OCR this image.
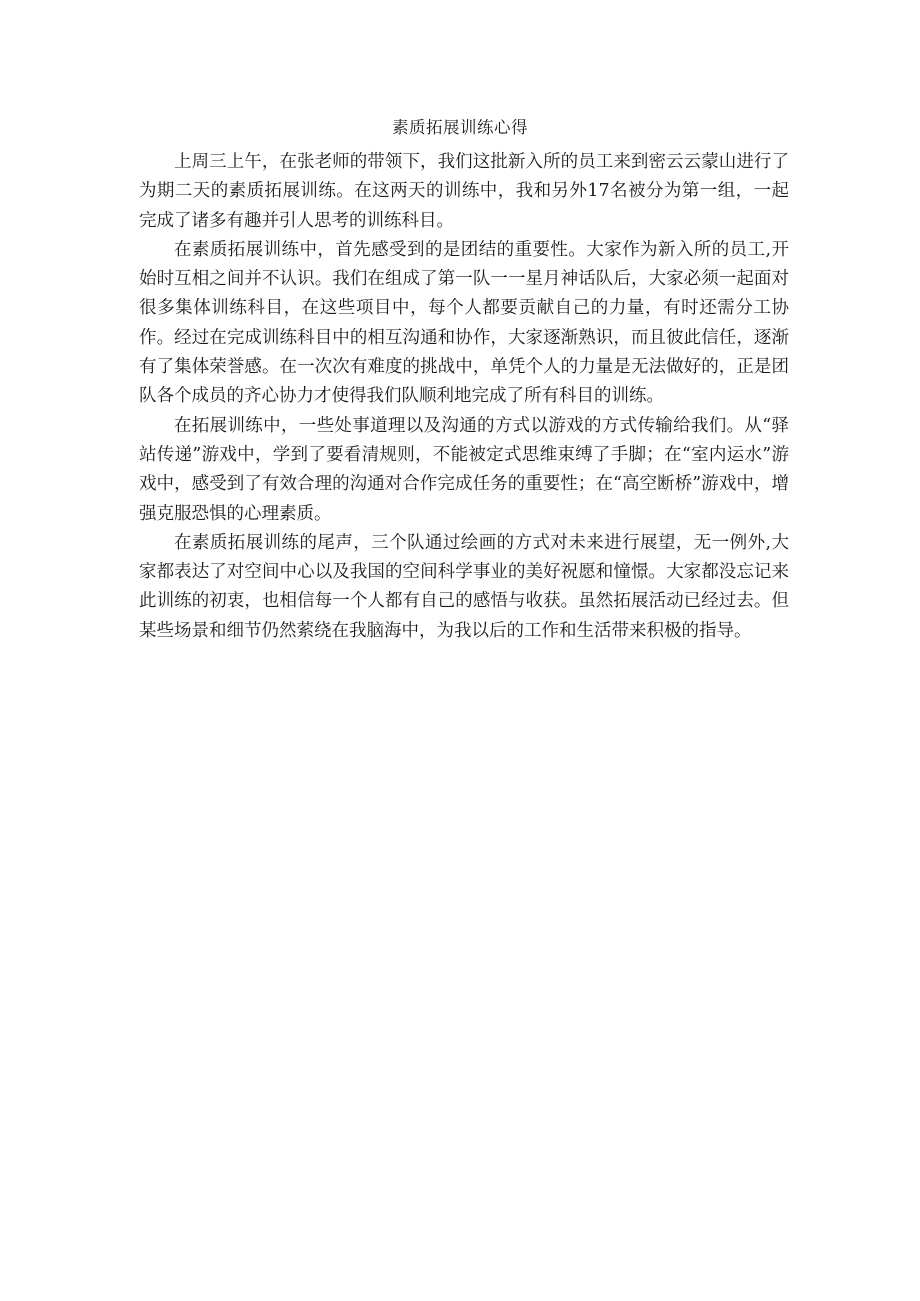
素质拓展训练心得

上周三上午，在张老师的带领下，我们这批新入所的员工来到密云云蒙山进行了为期二天的素质拓展训练。在这两天的训练中，我和另外17名被分为第一组，一起完成了诸多有趣并引人思考的训练科目。

在素质拓展训练中，首先感受到的是团结的重要性。大家作为新入所的员工,开始时互相之间并不认识。我们在组成了第一队一一星月神话队后，大家必须一起面对很多集体训练科目，在这些项目中，每个人都要贡献自己的力量，有时还需分工协作。经过在完成训练科目中的相互沟通和协作，大家逐渐熟识，而且彼此信任，逐渐有了集体荣誉感。在一次次有难度的挑战中，单凭个人的力量是无法做好的，正是团队各个成员的齐心协力才使得我们队顺利地完成了所有科目的训练。

在拓展训练中，一些处事道理以及沟通的方式以游戏的方式传输给我们。从“驿站传递”游戏中，学到了要看清规则，不能被定式思维束缚了手脚；在“室内运水”游戏中，感受到了有效合理的沟通对合作完成任务的重要性；在“高空断桥”游戏中，增强克服恐惧的心理素质。

在素质拓展训练的尾声，三个队通过绘画的方式对未来进行展望，无一例外,大家都表达了对空间中心以及我国的空间科学事业的美好祝愿和憧憬。大家都没忘记来此训练的初衷，也相信每一个人都有自己的感悟与收获。虽然拓展活动已经过去。但某些场景和细节仍然萦绕在我脑海中，为我以后的工作和生活带来积极的指导。
